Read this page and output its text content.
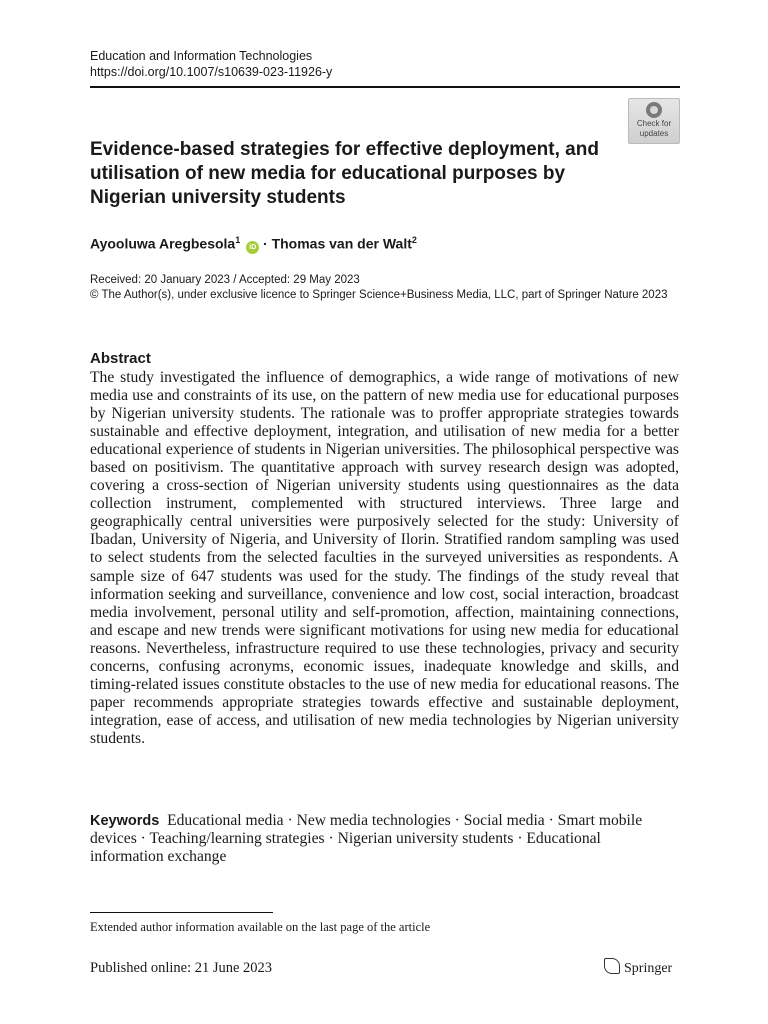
Education and Information Technologies
https://doi.org/10.1007/s10639-023-11926-y
Check for
updates
Evidence-based strategies for effective deployment, and utilisation of new media for educational purposes by Nigerian university students
Ayooluwa Aregbesola$^1$ iD · Thomas van der Walt$^2$
Received: 20 January 2023 / Accepted: 29 May 2023
© The Author(s), under exclusive licence to Springer Science+Business Media, LLC, part of Springer Nature 2023
Abstract

The study investigated the influence of demographics, a wide range of motivations of new media use and constraints of its use, on the pattern of new media use for educational purposes by Nigerian university students. The rationale was to proffer appropriate strategies towards sustainable and effective deployment, integration, and utilisation of new media for a better educational experience of students in Nigerian universities. The philosophical perspective was based on positivism. The quantitative approach with survey research design was adopted, covering a cross-section of Nigerian university students using questionnaires as the data collection instrument, complemented with structured interviews. Three large and geographically central universities were purposively selected for the study: University of Ibadan, University of Nigeria, and University of Ilorin. Stratified random sampling was used to select students from the selected faculties in the surveyed universities as respondents. A sample size of 647 students was used for the study. The findings of the study reveal that information seeking and surveillance, convenience and low cost, social interaction, broadcast media involvement, personal utility and self-promotion, affection, maintaining connections, and escape and new trends were significant motivations for using new media for educational reasons. Nevertheless, infrastructure required to use these technologies, privacy and security concerns, confusing acronyms, economic issues, inadequate knowledge and skills, and timing-related issues constitute obstacles to the use of new media for educational reasons. The paper recommends appropriate strategies towards effective and sustainable deployment, integration, ease of access, and utilisation of new media technologies by Nigerian university students.

Keywords Educational media · New media technologies · Social media · Smart mobile devices · Teaching/learning strategies · Nigerian university students · Educational information exchange

Extended author information available on the last page of the article
Published online: 21 June 2023	Springer
